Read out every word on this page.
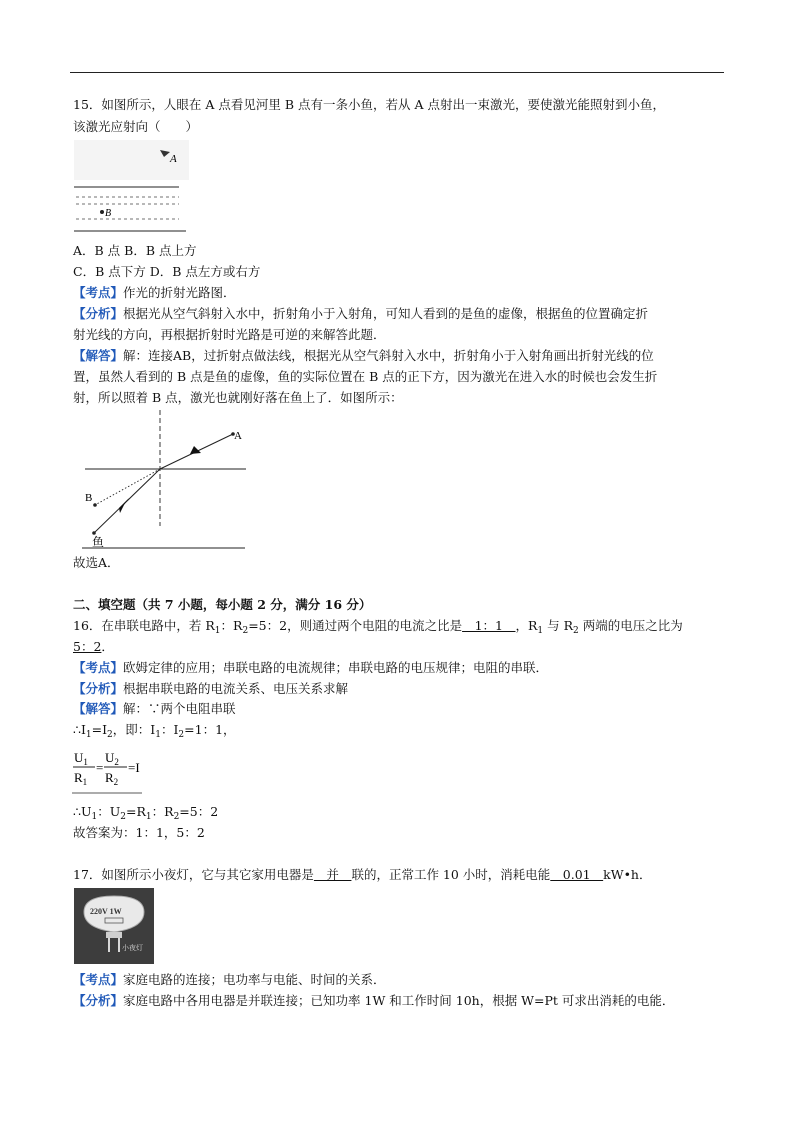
15．如图所示，人眼在 A 点看见河里 B 点有一条小鱼，若从 A 点射出一束激光，要使激光能照射到小鱼，
该激光应射向（　　）
A
B
A．B 点 B．B 点上方
C．B 点下方 D．B 点左方或右方
【考点】作光的折射光路图．
【分析】根据光从空气斜射入水中，折射角小于入射角，可知人看到的是鱼的虚像，根据鱼的位置确定折
射光线的方向，再根据折射时光路是可逆的来解答此题．
【解答】解：连接AB，过折射点做法线，根据光从空气斜射入水中，折射角小于入射角画出折射光线的位
置，虽然人看到的 B 点是鱼的虚像，鱼的实际位置在 B 点的正下方，因为激光在进入水的时候也会发生折
射，所以照着 B 点，激光也就刚好落在鱼上了．如图所示：
A
B
鱼
故选A．
二、填空题（共 7 小题，每小题 2 分，满分 16 分）
16．在串联电路中，若 $R_1$：$R_2=5$：2，则通过两个电阻的电流之比是　1：1　，$R_1$ 与 $R_2$ 两端的电压之比为
5：2．
【考点】欧姆定律的应用；串联电路的电流规律；串联电路的电压规律；电阻的串联．
【分析】根据串联电路的电流关系、电压关系求解
【解答】解：∵两个电阻串联
$\therefore I_1=I_2$，即：$I_1$：$I_2=1$：1，
$U_1$
$R_1$
=
$U_2$
$R_2$
=I
$\therefore U_1$：$U_2=R_1$：$R_2=5$：2
故答案为：1：1，5：2
17．如图所示小夜灯，它与其它家用电器是　并　联的，正常工作 10 小时，消耗电能　0.01　kW•h．
220V 1W
小夜灯
【考点】家庭电路的连接；电功率与电能、时间的关系．
【分析】家庭电路中各用电器是并联连接；已知功率 1W 和工作时间 10h，根据 W=Pt 可求出消耗的电能．
